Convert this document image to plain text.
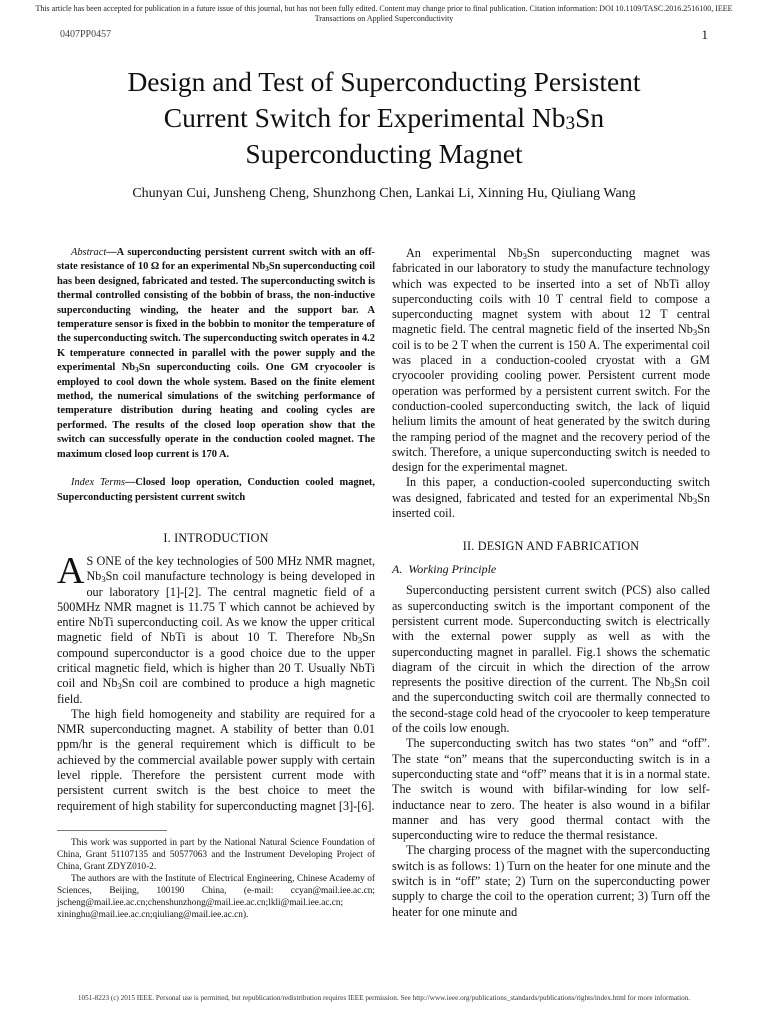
This article has been accepted for publication in a future issue of this journal, but has not been fully edited. Content may change prior to final publication. Citation information: DOI 10.1109/TASC.2016.2516100, IEEE Transactions on Applied Superconductivity
0407PP0457	1
Design and Test of Superconducting Persistent
Current Switch for Experimental $Nb_3Sn$
Superconducting Magnet
Chunyan Cui, Junsheng Cheng, Shunzhong Chen, Lankai Li, Xinning Hu, Qiuliang Wang

Abstract—A superconducting persistent current switch with an off-state resistance of 10 Ω for an experimental $Nb_3Sn$ superconducting coil has been designed, fabricated and tested. The superconducting switch is thermal controlled consisting of the bobbin of brass, the non-inductive superconducting winding, the heater and the support bar. A temperature sensor is fixed in the bobbin to monitor the temperature of the superconducting switch. The superconducting switch operates in 4.2 K temperature connected in parallel with the power supply and the experimental $Nb_3Sn$ superconducting coils. One GM cryocooler is employed to cool down the whole system. Based on the finite element method, the numerical simulations of the switching performance of temperature distribution during heating and cooling cycles are performed. The results of the closed loop operation show that the switch can successfully operate in the conduction cooled magnet. The maximum closed loop current is 170 A.

Index Terms—Closed loop operation, Conduction cooled magnet, Superconducting persistent current switch

I. INTRODUCTION

A S ONE of the key technologies of 500 MHz NMR magnet, $Nb_3Sn$ coil manufacture technology is being developed in our laboratory [1]-[2]. The central magnetic field of a 500MHz NMR magnet is 11.75 T which cannot be achieved by entire NbTi superconducting coil. As we know the upper critical magnetic field of NbTi is about 10 T. Therefore $Nb_3Sn$ compound superconductor is a good choice due to the upper critical magnetic field, which is higher than 20 T. Usually NbTi coil and $Nb_3Sn$ coil are combined to produce a high magnetic field.

The high field homogeneity and stability are required for a NMR superconducting magnet. A stability of better than 0.01 ppm/hr is the general requirement which is difficult to be achieved by the commercial available power supply with certain level ripple. Therefore the persistent current mode with persistent current switch is the best choice to meet the requirement of high stability for superconducting magnet [3]-[6].

This work was supported in part by the National Natural Science Foundation of China, Grant 51107135 and 50577063 and the Instrument Developing Project of China, Grant ZDYZ010-2.

The authors are with the Institute of Electrical Engineering, Chinese Academy of Sciences, Beijing, 100190 China, (e-mail: ccyan@mail.iee.ac.cn; jscheng@mail.iee.ac.cn;chenshunzhong@mail.iee.ac.cn;lkli@mail.iee.ac.cn; xininghu@mail.iee.ac.cn;qiuliang@mail.iee.ac.cn).

An experimental $Nb_3Sn$ superconducting magnet was fabricated in our laboratory to study the manufacture technology which was expected to be inserted into a set of NbTi alloy superconducting coils with 10 T central field to compose a superconducting magnet system with about 12 T central magnetic field. The central magnetic field of the inserted $Nb_3Sn$ coil is to be 2 T when the current is 150 A. The experimental coil was placed in a conduction-cooled cryostat with a GM cryocooler providing cooling power. Persistent current mode operation was performed by a persistent current switch. For the conduction-cooled superconducting switch, the lack of liquid helium limits the amount of heat generated by the switch during the ramping period of the magnet and the recovery period of the switch. Therefore, a unique superconducting switch is needed to design for the experimental magnet.

In this paper, a conduction-cooled superconducting switch was designed, fabricated and tested for an experimental $Nb_3Sn$ inserted coil.

II. DESIGN AND FABRICATION
A. Working Principle

Superconducting persistent current switch (PCS) also called as superconducting switch is the important component of the persistent current mode. Superconducting switch is electrically with the external power supply as well as with the superconducting magnet in parallel. Fig.1 shows the schematic diagram of the circuit in which the direction of the arrow represents the positive direction of the current. The $Nb_3Sn$ coil and the superconducting switch coil are thermally connected to the second-stage cold head of the cryocooler to keep temperature of the coils low enough.

The superconducting switch has two states “on” and “off”. The state “on” means that the superconducting switch is in a superconducting state and “off” means that it is in a normal state. The switch is wound with bifilar-winding for low self-inductance near to zero. The heater is also wound in a bifilar manner and has very good thermal contact with the superconducting wire to reduce the thermal resistance.

The charging process of the magnet with the superconducting switch is as follows: 1) Turn on the heater for one minute and the switch is in “off” state; 2) Turn on the superconducting power supply to charge the coil to the operation current; 3) Turn off the heater for one minute and

1051-8223 (c) 2015 IEEE. Personal use is permitted, but republication/redistribution requires IEEE permission. See http://www.ieee.org/publications_standards/publications/rights/index.html for more information.
